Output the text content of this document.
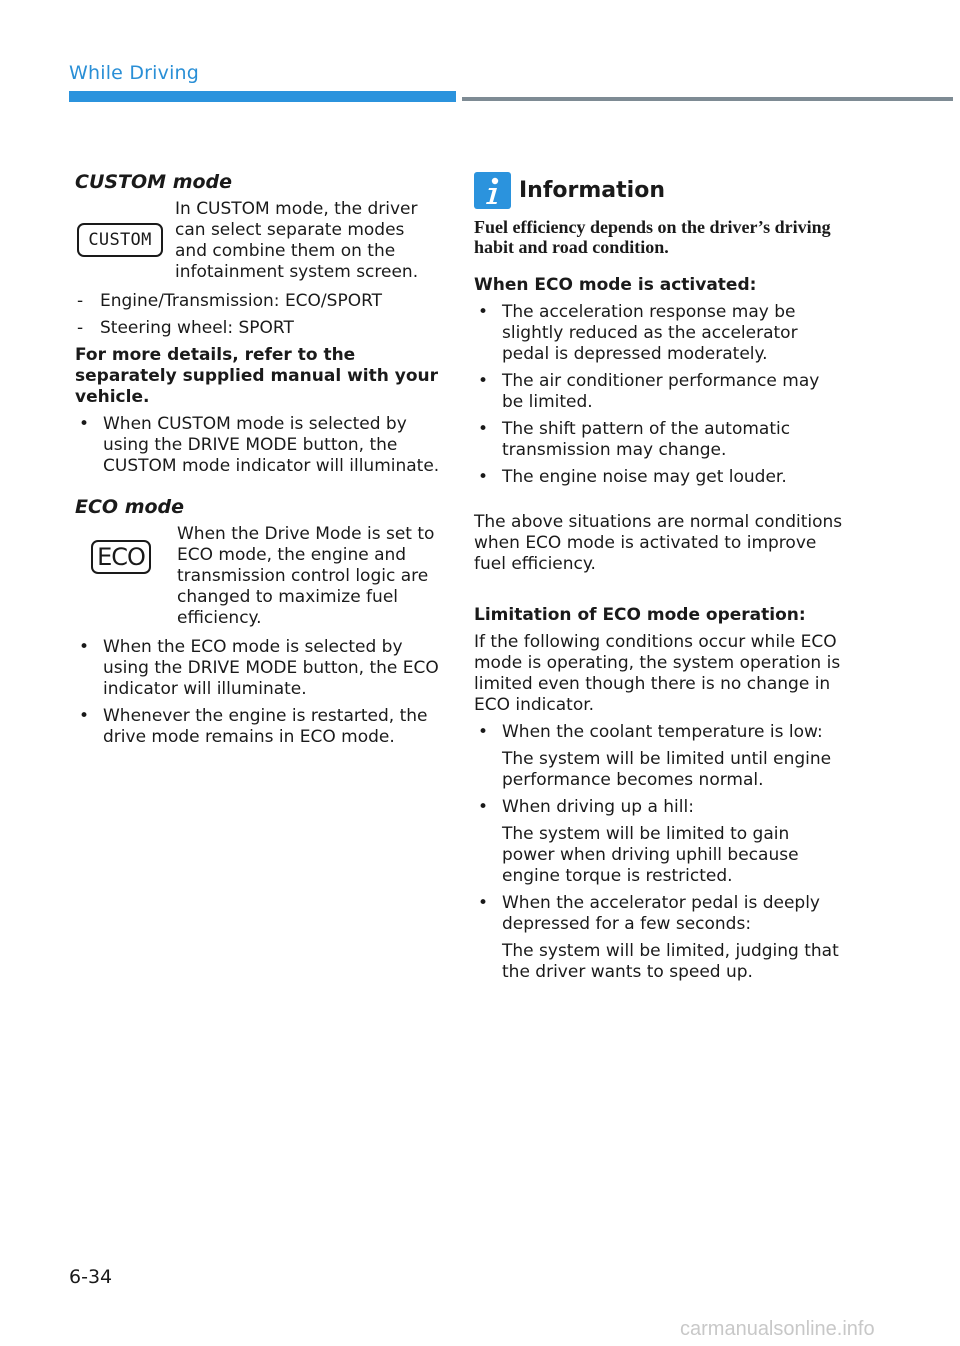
While Driving
CUSTOM mode
CUSTOM

In CUSTOM mode, the driver can select separate modes and combine them on the infotainment system screen.

- Engine/Transmission: ECO/SPORT
- Steering wheel: SPORT

For more details, refer to the separately supplied manual with your vehicle.

• When CUSTOM mode is selected by using the DRIVE MODE button, the CUSTOM mode indicator will illuminate.
ECO mode
ECO

When the Drive Mode is set to ECO mode, the engine and transmission control logic are changed to maximize fuel efficiency.

• When the ECO mode is selected by using the DRIVE MODE button, the ECO indicator will illuminate.
• Whenever the engine is restarted, the drive mode remains in ECO mode.
Information

Fuel efficiency depends on the driver’s driving habit and road condition.

When ECO mode is activated:

• The acceleration response may be slightly reduced as the accelerator pedal is depressed moderately.
• The air conditioner performance may be limited.
• The shift pattern of the automatic transmission may change.
• The engine noise may get louder.

The above situations are normal conditions when ECO mode is activated to improve fuel efficiency.

Limitation of ECO mode operation:

If the following conditions occur while ECO mode is operating, the system operation is limited even though there is no change in ECO indicator.

• When the coolant temperature is low:
The system will be limited until engine performance becomes normal.
• When driving up a hill:
The system will be limited to gain power when driving uphill because engine torque is restricted.
• When the accelerator pedal is deeply depressed for a few seconds:
The system will be limited, judging that the driver wants to speed up.
6-34
carmanualsonline.info
